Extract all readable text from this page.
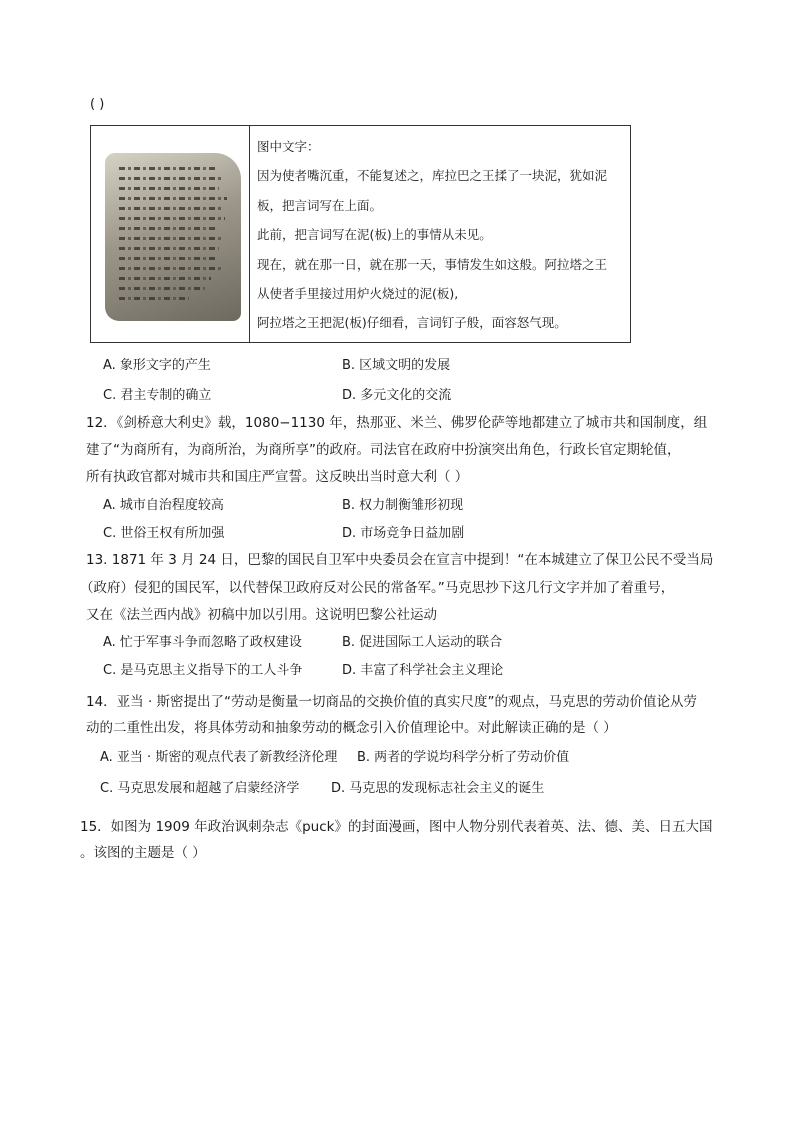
( )
图中文字：
因为使者嘴沉重，不能复述之，库拉巴之王揉了一块泥，犹如泥
板，把言词写在上面。
此前，把言词写在泥(板)上的事情从未见。
现在，就在那一日，就在那一天，事情发生如这般。阿拉塔之王
从使者手里接过用炉火烧过的泥(板),
阿拉塔之王把泥(板)仔细看，言词钉子般，面容怒气现。
A. 象形文字的产生	B. 区域文明的发展
C. 君主专制的确立	D. 多元文化的交流
12．《剑桥意大利史》载，1080−1130 年，热那亚、米兰、佛罗伦萨等地都建立了城市共和国制度，组
建了“为商所有，为商所治，为商所享”的政府。司法官在政府中扮演突出角色，行政长官定期轮值，
所有执政官都对城市共和国庄严宣誓。这反映出当时意大利（ ）
A. 城市自治程度较高	B. 权力制衡雏形初现
C. 世俗王权有所加强	D. 市场竞争日益加剧
13. 1871 年 3 月 24 日，巴黎的国民自卫军中央委员会在宣言中提到！“在本城建立了保卫公民不受当局
（政府）侵犯的国民军，以代替保卫政府反对公民的常备军。”马克思抄下这几行文字并加了着重号，
又在《法兰西内战》初稿中加以引用。这说明巴黎公社运动
A. 忙于军事斗争而忽略了政权建设	B. 促进国际工人运动的联合
C. 是马克思主义指导下的工人斗争	D. 丰富了科学社会主义理论
14．亚当 · 斯密提出了“劳动是衡量一切商品的交换价值的真实尺度”的观点，马克思的劳动价值论从劳
动的二重性出发，将具体劳动和抽象劳动的概念引入价值理论中。对此解读正确的是（ ）
A. 亚当 · 斯密的观点代表了新教经济伦理 B. 两者的学说均科学分析了劳动价值
C. 马克思发展和超越了启蒙经济学 D. 马克思的发现标志社会主义的诞生
15．如图为 1909 年政治讽刺杂志《puck》的封面漫画，图中人物分别代表着英、法、德、美、日五大国
。该图的主题是（ ）
